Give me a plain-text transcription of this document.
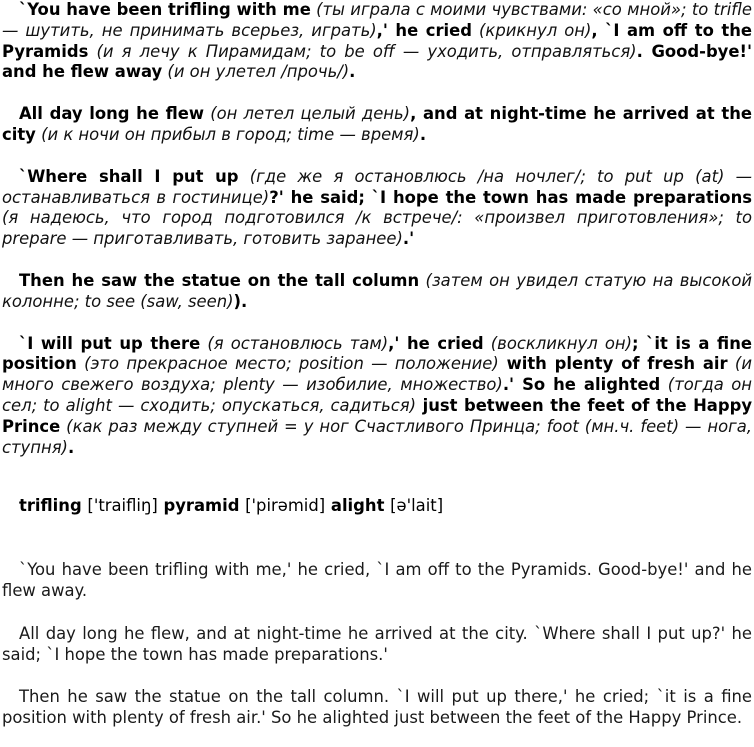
`You have been trifling with me (ты играла с моими чувствами: «со мной»; to trifle — шутить, не принимать всерьез, играть),' he cried (крикнул он), `I am off to the Pyramids (и я лечу к Пирамидам; to be off — уходить, отправляться). Good-bye!' and he flew away (и он улетел /прочь/).

All day long he flew (он летел целый день), and at night-time he arrived at the city (и к ночи он прибыл в город; time — время).

`Where shall I put up (где же я остановлюсь /на ночлег/; to put up (at) — останавливаться в гостинице)?' he said; `I hope the town has made preparations (я надеюсь, что город подготовился /к встрече/: «произвел приготовления»; to prepare — приготавливать, готовить заранее).'

Then he saw the statue on the tall column (затем он увидел статую на высокой колонне; to see (saw, seen)).

`I will put up there (я остановлюсь там),' he cried (воскликнул он); `it is a fine position (это прекрасное место; position — положение) with plenty of fresh air (и много свежего воздуха; plenty — изобилие, множество).' So he alighted (тогда он сел; to alight — сходить; опускаться, садиться) just between the feet of the Happy Prince (как раз между ступней = у ног Счастливого Принца; foot (мн.ч. feet) — нога, ступня).

trifling ['traifliŋ] pyramid ['pirəmid] alight [ə'lait]

`You have been trifling with me,' he cried, `I am off to the Pyramids. Good-bye!' and he flew away.

All day long he flew, and at night-time he arrived at the city. `Where shall I put up?' he said; `I hope the town has made preparations.'

Then he saw the statue on the tall column. `I will put up there,' he cried; `it is a fine position with plenty of fresh air.' So he alighted just between the feet of the Happy Prince.
